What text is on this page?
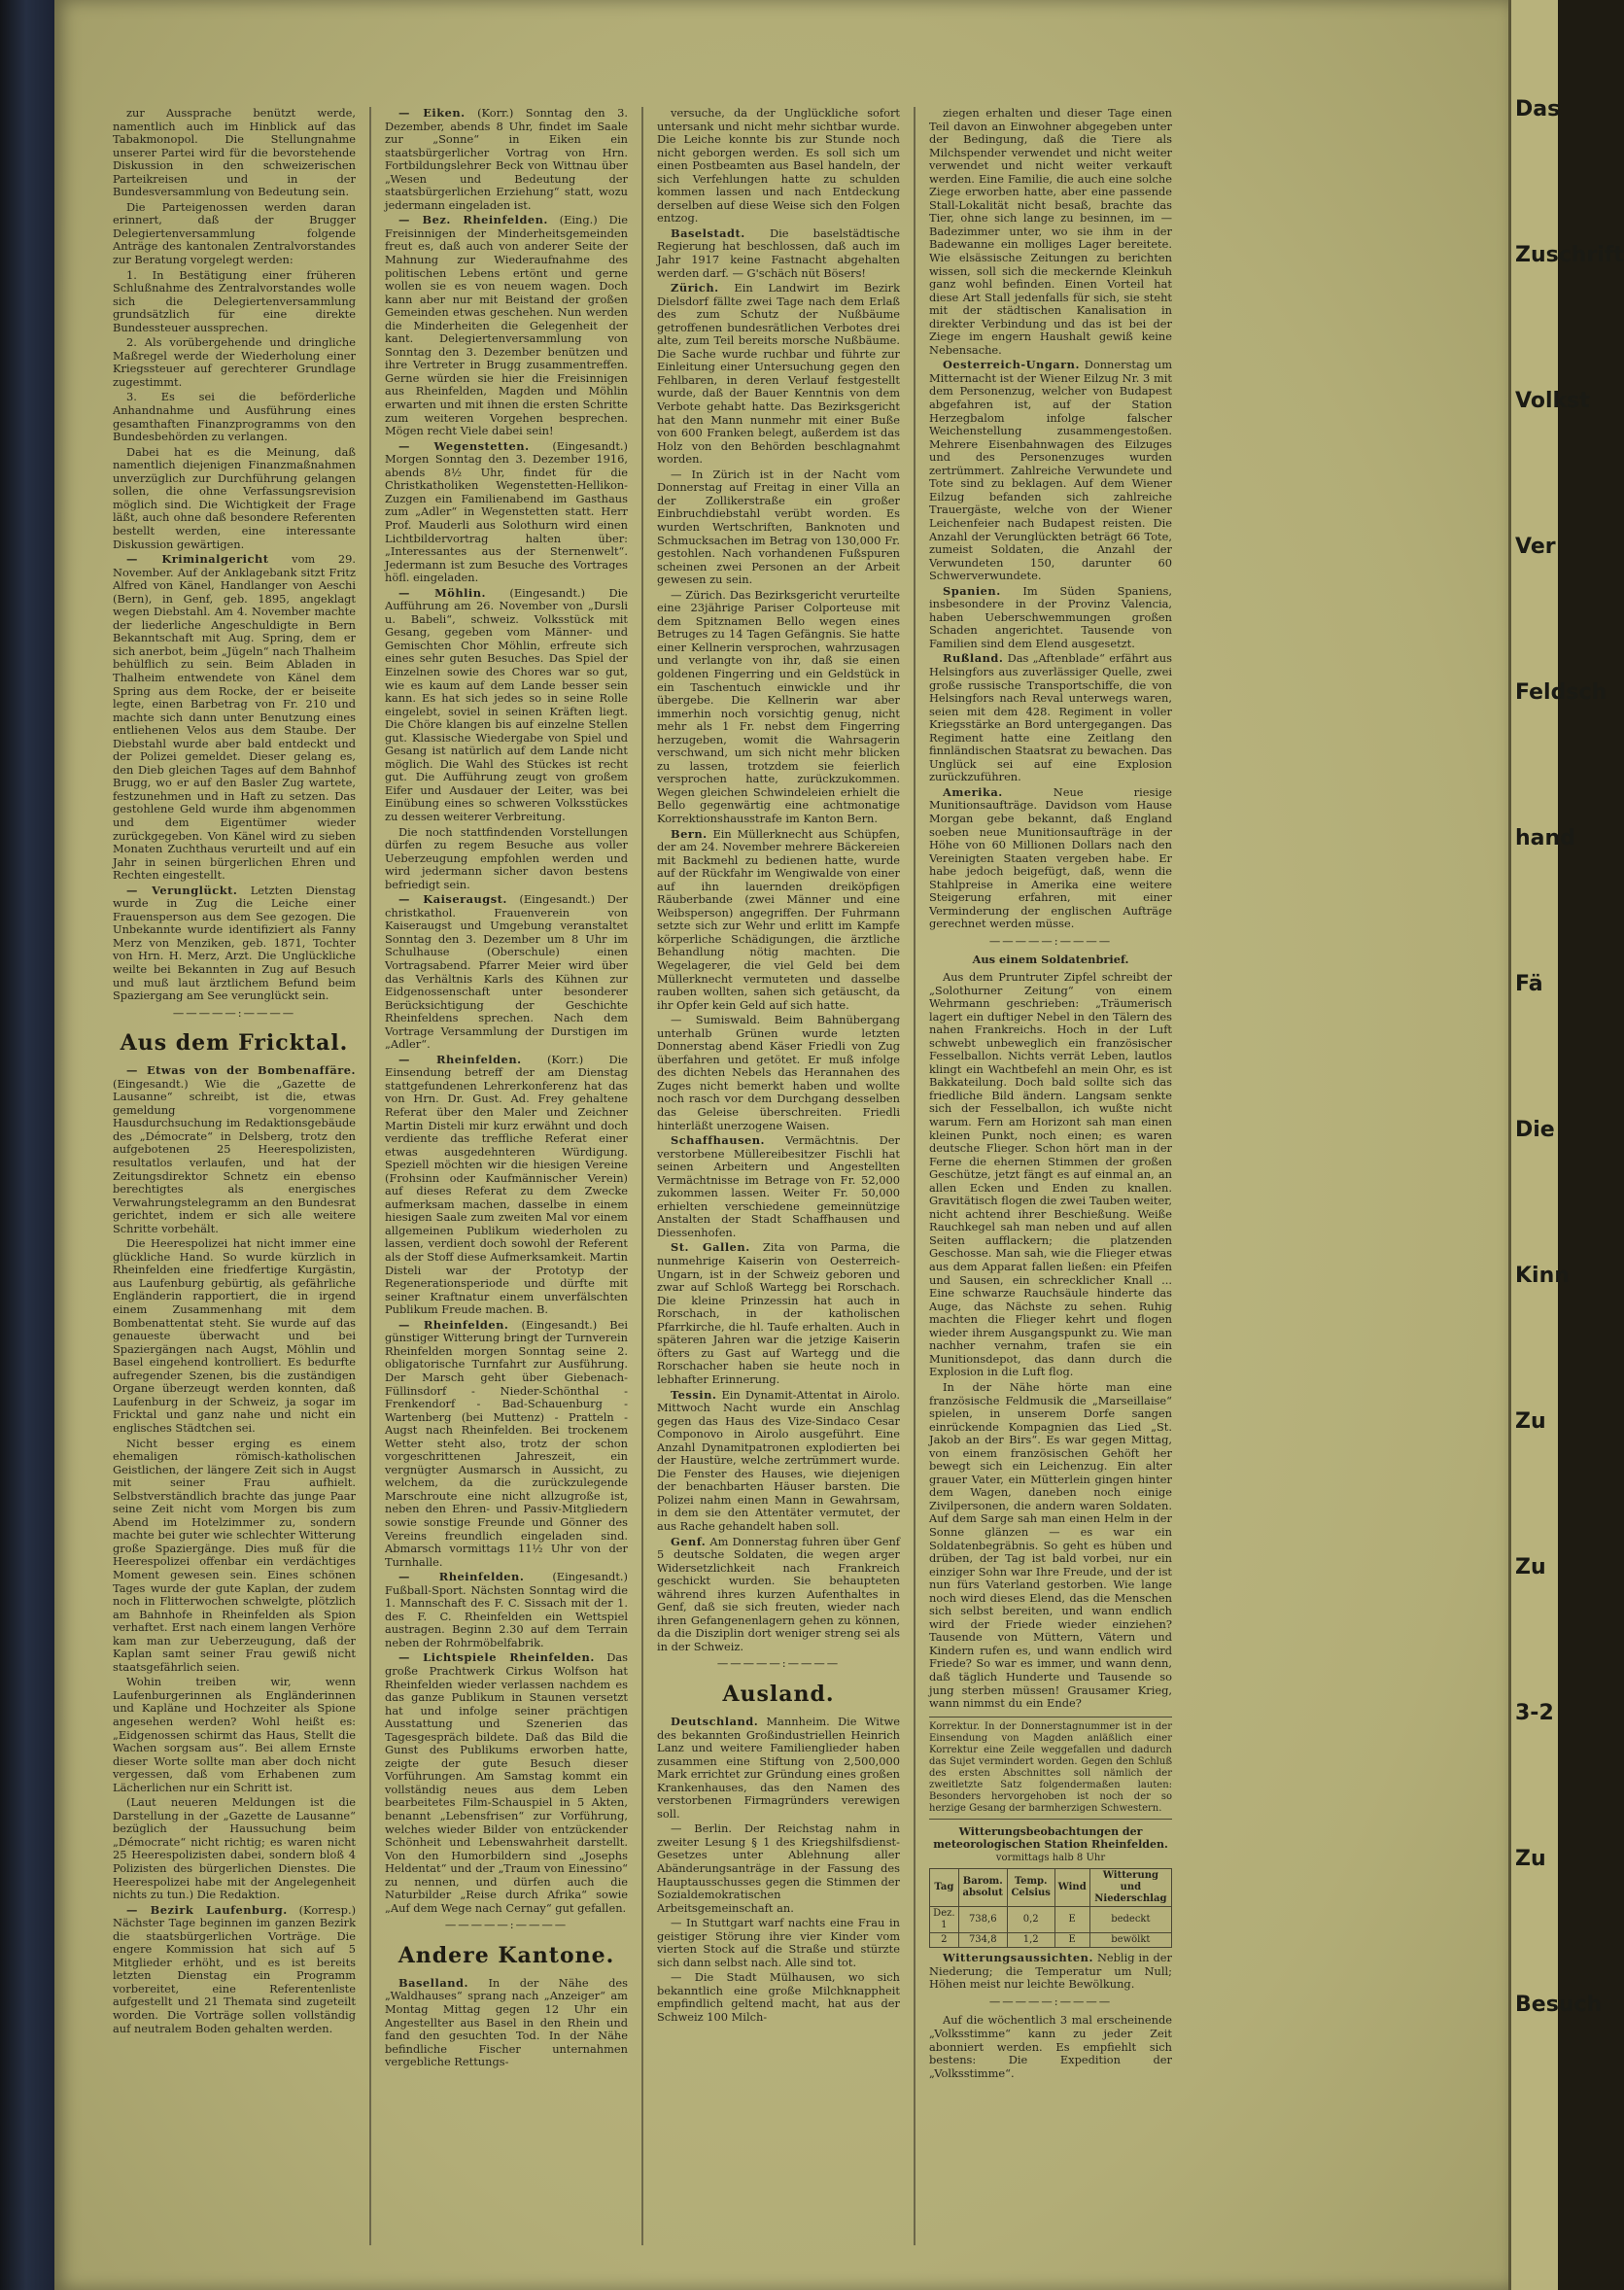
zur Aussprache benützt werde, namentlich auch im Hinblick auf das Tabakmonopol. Die Stellungnahme unserer Partei wird für die bevorstehende Diskussion in den schweizerischen Parteikreisen und in der Bundesversammlung von Bedeutung sein.

Die Parteigenossen werden daran erinnert, daß der Brugger Delegiertenversammlung folgende Anträge des kantonalen Zentralvorstandes zur Beratung vorgelegt werden:

1. In Bestätigung einer früheren Schlußnahme des Zentralvorstandes wolle sich die Delegiertenversammlung grundsätzlich für eine direkte Bundessteuer aussprechen.

2. Als vorübergehende und dringliche Maßregel werde der Wiederholung einer Kriegssteuer auf gerechterer Grundlage zugestimmt.

3. Es sei die beförderliche Anhandnahme und Ausführung eines gesamthaften Finanzprogramms von den Bundesbehörden zu verlangen.

Dabei hat es die Meinung, daß namentlich diejenigen Finanzmaßnahmen unverzüglich zur Durchführung gelangen sollen, die ohne Verfassungsrevision möglich sind. Die Wichtigkeit der Frage läßt, auch ohne daß besondere Referenten bestellt werden, eine interessante Diskussion gewärtigen.

— Kriminalgericht vom 29. November. Auf der Anklagebank sitzt Fritz Alfred von Känel, Handlanger von Aeschi (Bern), in Genf, geb. 1895, angeklagt wegen Diebstahl. Am 4. November machte der liederliche Angeschuldigte in Bern Bekanntschaft mit Aug. Spring, dem er sich anerbot, beim „Jügeln“ nach Thalheim behülflich zu sein. Beim Abladen in Thalheim entwendete von Känel dem Spring aus dem Rocke, der er beiseite legte, einen Barbetrag von Fr. 210 und machte sich dann unter Benutzung eines entliehenen Velos aus dem Staube. Der Diebstahl wurde aber bald entdeckt und der Polizei gemeldet. Dieser gelang es, den Dieb gleichen Tages auf dem Bahnhof Brugg, wo er auf den Basler Zug wartete, festzunehmen und in Haft zu setzen. Das gestohlene Geld wurde ihm abgenommen und dem Eigentümer wieder zurückgegeben. Von Känel wird zu sieben Monaten Zuchthaus verurteilt und auf ein Jahr in seinen bürgerlichen Ehren und Rechten eingestellt.

— Verunglückt. Letzten Dienstag wurde in Zug die Leiche einer Frauensperson aus dem See gezogen. Die Unbekannte wurde identifiziert als Fanny Merz von Menziken, geb. 1871, Tochter von Hrn. H. Merz, Arzt. Die Unglückliche weilte bei Bekannten in Zug auf Besuch und muß laut ärztlichem Befund beim Spaziergang am See verunglückt sein.

—————:————
Aus dem Fricktal.

— Etwas von der Bombenaffäre. (Eingesandt.) Wie die „Gazette de Lausanne“ schreibt, ist die, etwas gemeldung vorgenommene Hausdurchsuchung im Redaktionsgebäude des „Démocrate“ in Delsberg, trotz den aufgebotenen 25 Heerespolizisten, resultatlos verlaufen, und hat der Zeitungsdirektor Schnetz ein ebenso berechtigtes als energisches Verwahrungstelegramm an den Bundesrat gerichtet, indem er sich alle weitere Schritte vorbehält.

Die Heerespolizei hat nicht immer eine glückliche Hand. So wurde kürzlich in Rheinfelden eine friedfertige Kurgästin, aus Laufenburg gebürtig, als gefährliche Engländerin rapportiert, die in irgend einem Zusammenhang mit dem Bombenattentat steht. Sie wurde auf das genaueste überwacht und bei Spaziergängen nach Augst, Möhlin und Basel eingehend kontrolliert. Es bedurfte aufregender Szenen, bis die zuständigen Organe überzeugt werden konnten, daß Laufenburg in der Schweiz, ja sogar im Fricktal und ganz nahe und nicht ein englisches Städtchen sei.

Nicht besser erging es einem ehemaligen römisch-katholischen Geistlichen, der längere Zeit sich in Augst mit seiner Frau aufhielt. Selbstverständlich brachte das junge Paar seine Zeit nicht vom Morgen bis zum Abend im Hotelzimmer zu, sondern machte bei guter wie schlechter Witterung große Spaziergänge. Dies muß für die Heerespolizei offenbar ein verdächtiges Moment gewesen sein. Eines schönen Tages wurde der gute Kaplan, der zudem noch in Flitterwochen schwelgte, plötzlich am Bahnhofe in Rheinfelden als Spion verhaftet. Erst nach einem langen Verhöre kam man zur Ueberzeugung, daß der Kaplan samt seiner Frau gewiß nicht staatsgefährlich seien.

Wohin treiben wir, wenn Laufenburgerinnen als Engländerinnen und Kapläne und Hochzeiter als Spione angesehen werden? Wohl heißt es: „Eidgenossen schirmt das Haus, Stellt die Wachen sorgsam aus“. Bei allem Ernste dieser Worte sollte man aber doch nicht vergessen, daß vom Erhabenen zum Lächerlichen nur ein Schritt ist.

(Laut neueren Meldungen ist die Darstellung in der „Gazette de Lausanne“ bezüglich der Haussuchung beim „Démocrate“ nicht richtig; es waren nicht 25 Heerespolizisten dabei, sondern bloß 4 Polizisten des bürgerlichen Dienstes. Die Heerespolizei habe mit der Angelegenheit nichts zu tun.) Die Redaktion.

— Bezirk Laufenburg. (Korresp.) Nächster Tage beginnen im ganzen Bezirk die staatsbürgerlichen Vorträge. Die engere Kommission hat sich auf 5 Mitglieder erhöht, und es ist bereits letzten Dienstag ein Programm vorbereitet, eine Referentenliste aufgestellt und 21 Themata sind zugeteilt worden. Die Vorträge sollen vollständig auf neutralem Boden gehalten werden.

— Eiken. (Korr.) Sonntag den 3. Dezember, abends 8 Uhr, findet im Saale zur „Sonne“ in Eiken ein staatsbürgerlicher Vortrag von Hrn. Fortbildungslehrer Beck von Wittnau über „Wesen und Bedeutung der staatsbürgerlichen Erziehung“ statt, wozu jedermann eingeladen ist.

— Bez. Rheinfelden. (Eing.) Die Freisinnigen der Minderheitsgemeinden freut es, daß auch von anderer Seite der Mahnung zur Wiederaufnahme des politischen Lebens ertönt und gerne wollen sie es von neuem wagen. Doch kann aber nur mit Beistand der großen Gemeinden etwas geschehen. Nun werden die Minderheiten die Gelegenheit der kant. Delegiertenversammlung von Sonntag den 3. Dezember benützen und ihre Vertreter in Brugg zusammentreffen. Gerne würden sie hier die Freisinnigen aus Rheinfelden, Magden und Möhlin erwarten und mit ihnen die ersten Schritte zum weiteren Vorgehen besprechen. Mögen recht Viele dabei sein!

— Wegenstetten. (Eingesandt.) Morgen Sonntag den 3. Dezember 1916, abends 8½ Uhr, findet für die Christkatholiken Wegenstetten-Hellikon-Zuzgen ein Familienabend im Gasthaus zum „Adler“ in Wegenstetten statt. Herr Prof. Mauderli aus Solothurn wird einen Lichtbildervortrag halten über: „Interessantes aus der Sternenwelt“. Jedermann ist zum Besuche des Vortrages höfl. eingeladen.

— Möhlin. (Eingesandt.) Die Aufführung am 26. November von „Dursli u. Babeli“, schweiz. Volksstück mit Gesang, gegeben vom Männer- und Gemischten Chor Möhlin, erfreute sich eines sehr guten Besuches. Das Spiel der Einzelnen sowie des Chores war so gut, wie es kaum auf dem Lande besser sein kann. Es hat sich jedes so in seine Rolle eingelebt, soviel in seinen Kräften liegt. Die Chöre klangen bis auf einzelne Stellen gut. Klassische Wiedergabe von Spiel und Gesang ist natürlich auf dem Lande nicht möglich. Die Wahl des Stückes ist recht gut. Die Aufführung zeugt von großem Eifer und Ausdauer der Leiter, was bei Einübung eines so schweren Volksstückes zu dessen weiterer Verbreitung.

Die noch stattfindenden Vorstellungen dürfen zu regem Besuche aus voller Ueberzeugung empfohlen werden und wird jedermann sicher davon bestens befriedigt sein.

— Kaiseraugst. (Eingesandt.) Der christkathol. Frauenverein von Kaiseraugst und Umgebung veranstaltet Sonntag den 3. Dezember um 8 Uhr im Schulhause (Oberschule) einen Vortragsabend. Pfarrer Meier wird über das Verhältnis Karls des Kühnen zur Eidgenossenschaft unter besonderer Berücksichtigung der Geschichte Rheinfeldens sprechen. Nach dem Vortrage Versammlung der Durstigen im „Adler“.

— Rheinfelden. (Korr.) Die Einsendung betreff der am Dienstag stattgefundenen Lehrerkonferenz hat das von Hrn. Dr. Gust. Ad. Frey gehaltene Referat über den Maler und Zeichner Martin Disteli mir kurz erwähnt und doch verdiente das treffliche Referat einer etwas ausgedehnteren Würdigung. Speziell möchten wir die hiesigen Vereine (Frohsinn oder Kaufmännischer Verein) auf dieses Referat zu dem Zwecke aufmerksam machen, dasselbe in einem hiesigen Saale zum zweiten Mal vor einem allgemeinen Publikum wiederholen zu lassen, verdient doch sowohl der Referent als der Stoff diese Aufmerksamkeit. Martin Disteli war der Prototyp der Regenerationsperiode und dürfte mit seiner Kraftnatur einem unverfälschten Publikum Freude machen. B.

— Rheinfelden. (Eingesandt.) Bei günstiger Witterung bringt der Turnverein Rheinfelden morgen Sonntag seine 2. obligatorische Turnfahrt zur Ausführung. Der Marsch geht über Giebenach-Füllinsdorf - Nieder-Schönthal - Frenkendorf - Bad-Schauenburg - Wartenberg (bei Muttenz) - Pratteln - Augst nach Rheinfelden. Bei trockenem Wetter steht also, trotz der schon vorgeschrittenen Jahreszeit, ein vergnügter Ausmarsch in Aussicht, zu welchem, da die zurückzulegende Marschroute eine nicht allzugroße ist, neben den Ehren- und Passiv-Mitgliedern sowie sonstige Freunde und Gönner des Vereins freundlich eingeladen sind. Abmarsch vormittags 11½ Uhr von der Turnhalle.

— Rheinfelden.	(Eingesandt.) Fußball-Sport. Nächsten Sonntag wird die 1. Mannschaft des F. C. Sissach mit der 1. des F. C. Rheinfelden ein Wettspiel austragen. Beginn 2.30 auf dem Terrain neben der Rohrmöbelfabrik.

— Lichtspiele Rheinfelden. Das große Prachtwerk Cirkus Wolfson hat Rheinfelden wieder verlassen nachdem es das ganze Publikum in Staunen versetzt hat und infolge seiner prächtigen Ausstattung und Szenerien das Tagesgespräch bildete. Daß das Bild die Gunst des Publikums erworben hatte, zeigte der gute Besuch dieser Vorführungen. Am Samstag kommt ein vollständig neues aus dem Leben bearbeitetes Film-Schauspiel in 5 Akten, benannt „Lebensfrisen“ zur Vorführung, welches wieder Bilder von entzückender Schönheit und Lebenswahrheit darstellt. Von den Humorbildern sind „Josephs Heldentat“ und der „Traum von Einessino“ zu nennen, und dürfen auch die Naturbilder „Reise durch Afrika“ sowie „Auf dem Wege nach Cernay“ gut gefallen.

—————:————
Andere Kantone.

Baselland. In der Nähe des „Waldhauses“ sprang nach „Anzeiger“ am Montag Mittag gegen 12 Uhr ein Angestellter aus Basel in den Rhein und fand den gesuchten Tod. In der Nähe befindliche Fischer unternahmen vergebliche Rettungs-

versuche, da der Unglückliche sofort untersank und nicht mehr sichtbar wurde. Die Leiche konnte bis zur Stunde noch nicht geborgen werden. Es soll sich um einen Postbeamten aus Basel handeln, der sich Verfehlungen hatte zu schulden kommen lassen und nach Entdeckung derselben auf diese Weise sich den Folgen entzog.

Baselstadt. Die baselstädtische Regierung hat beschlossen, daß auch im Jahr 1917 keine Fastnacht abgehalten werden darf. — G'schäch nüt Bösers!

Zürich. Ein Landwirt im Bezirk Dielsdorf fällte zwei Tage nach dem Erlaß des zum Schutz der Nußbäume getroffenen bundesrätlichen Verbotes drei alte, zum Teil bereits morsche Nußbäume. Die Sache wurde ruchbar und führte zur Einleitung einer Untersuchung gegen den Fehlbaren, in deren Verlauf festgestellt wurde, daß der Bauer Kenntnis von dem Verbote gehabt hatte. Das Bezirksgericht hat den Mann nunmehr mit einer Buße von 600 Franken belegt, außerdem ist das Holz von den Behörden beschlagnahmt worden.

— In Zürich ist in der Nacht vom Donnerstag auf Freitag in einer Villa an der Zollikerstraße ein großer Einbruchdiebstahl verübt worden. Es wurden Wertschriften, Banknoten und Schmucksachen im Betrag von 130,000 Fr. gestohlen. Nach vorhandenen Fußspuren scheinen zwei Personen an der Arbeit gewesen zu sein.

— Zürich. Das Bezirksgericht verurteilte eine 23jährige Pariser Colporteuse mit dem Spitznamen Bello wegen eines Betruges zu 14 Tagen Gefängnis. Sie hatte einer Kellnerin versprochen, wahrzusagen und verlangte von ihr, daß sie einen goldenen Fingerring und ein Geldstück in ein Taschentuch einwickle und ihr übergebe. Die Kellnerin war aber immerhin noch vorsichtig genug, nicht mehr als 1 Fr. nebst dem Fingerring herzugeben, womit die Wahrsagerin verschwand, um sich nicht mehr blicken zu lassen, trotzdem sie feierlich versprochen hatte, zurückzukommen. Wegen gleichen Schwindeleien erhielt die Bello gegenwärtig eine achtmonatige Korrektionshausstrafe im Kanton Bern.

Bern. Ein Müllerknecht aus Schüpfen, der am 24. November mehrere Bäckereien mit Backmehl zu bedienen hatte, wurde auf der Rückfahr im Wengiwalde von einer auf ihn lauernden dreiköpfigen Räuberbande (zwei Männer und eine Weibsperson) angegriffen. Der Fuhrmann setzte sich zur Wehr und erlitt im Kampfe körperliche Schädigungen, die ärztliche Behandlung nötig machten. Die Wegelagerer, die viel Geld bei dem Müllerknecht vermuteten und dasselbe rauben wollten, sahen sich getäuscht, da ihr Opfer kein Geld auf sich hatte.

— Sumiswald. Beim Bahnübergang unterhalb Grünen wurde letzten Donnerstag abend Käser Friedli von Zug überfahren und getötet. Er muß infolge des dichten Nebels das Herannahen des Zuges nicht bemerkt haben und wollte noch rasch vor dem Durchgang desselben das Geleise überschreiten. Friedli hinterläßt unerzogene Waisen.

Schaffhausen. Vermächtnis. Der verstorbene Müllereibesitzer Fischli hat seinen Arbeitern und Angestellten Vermächtnisse im Betrage von Fr. 52,000 zukommen lassen. Weiter Fr. 50,000 erhielten verschiedene gemeinnützige Anstalten der Stadt Schaffhausen und Diessenhofen.

St. Gallen. Zita von Parma, die nunmehrige Kaiserin von Oesterreich-Ungarn, ist in der Schweiz geboren und zwar auf Schloß Wartegg bei Rorschach. Die kleine Prinzessin hat auch in Rorschach, in der katholischen Pfarrkirche, die hl. Taufe erhalten. Auch in späteren Jahren war die jetzige Kaiserin öfters zu Gast auf Wartegg und die Rorschacher haben sie heute noch in lebhafter Erinnerung.

Tessin. Ein Dynamit-Attentat in Airolo. Mittwoch Nacht wurde ein Anschlag gegen das Haus des Vize-Sindaco Cesar Componovo in Airolo ausgeführt. Eine Anzahl Dynamitpatronen explodierten bei der Haustüre, welche zertrümmert wurde. Die Fenster des Hauses, wie diejenigen der benachbarten Häuser barsten. Die Polizei nahm einen Mann in Gewahrsam, in dem sie den Attentäter vermutet, der aus Rache gehandelt haben soll.

Genf. Am Donnerstag fuhren über Genf 5 deutsche Soldaten, die wegen arger Widersetzlichkeit nach Frankreich geschickt wurden. Sie behaupteten während ihres kurzen Aufenthaltes in Genf, daß sie sich freuten, wieder nach ihren Gefangenenlagern gehen zu können, da die Disziplin dort weniger streng sei als in der Schweiz.

—————:————
Ausland.

Deutschland. Mannheim. Die Witwe des bekannten Großindustriellen Heinrich Lanz und weitere Familienglieder haben zusammen eine Stiftung von 2,500,000 Mark errichtet zur Gründung eines großen Krankenhauses, das den Namen des verstorbenen Firmagründers verewigen soll.

— Berlin. Der Reichstag nahm in zweiter Lesung § 1 des Kriegshilfsdienst-Gesetzes unter Ablehnung aller Abänderungsanträge in der Fassung des Hauptausschusses gegen die Stimmen der Sozialdemokratischen Arbeitsgemeinschaft an.

— In Stuttgart warf nachts eine Frau in geistiger Störung ihre vier Kinder vom vierten Stock auf die Straße und stürzte sich dann selbst nach. Alle sind tot.

— Die Stadt Mülhausen, wo sich bekanntlich eine große Milchknappheit empfindlich geltend macht, hat aus der Schweiz 100 Milch-

ziegen erhalten und dieser Tage einen Teil davon an Einwohner abgegeben unter der Bedingung, daß die Tiere als Milchspender verwendet und nicht weiter verwendet und nicht weiter verkauft werden. Eine Familie, die auch eine solche Ziege erworben hatte, aber eine passende Stall-Lokalität nicht besaß, brachte das Tier, ohne sich lange zu besinnen, im — Badezimmer unter, wo sie ihm in der Badewanne ein molliges Lager bereitete. Wie elsässische Zeitungen zu berichten wissen, soll sich die meckernde Kleinkuh ganz wohl befinden. Einen Vorteil hat diese Art Stall jedenfalls für sich, sie steht mit der städtischen Kanalisation in direkter Verbindung und das ist bei der Ziege im engern Haushalt gewiß keine Nebensache.

Oesterreich-Ungarn. Donnerstag um Mitternacht ist der Wiener Eilzug Nr. 3 mit dem Personenzug, welcher von Budapest abgefahren ist, auf der Station Herzegbalom infolge falscher Weichenstellung zusammengestoßen. Mehrere Eisenbahnwagen des Eilzuges und des Personenzuges wurden zertrümmert. Zahlreiche Verwundete und Tote sind zu beklagen. Auf dem Wiener Eilzug befanden sich zahlreiche Trauergäste, welche von der Wiener Leichenfeier nach Budapest reisten. Die Anzahl der Verunglückten beträgt 66 Tote, zumeist Soldaten, die Anzahl der Verwundeten 150, darunter 60 Schwerverwundete.

Spanien. Im Süden Spaniens, insbesondere in der Provinz Valencia, haben Ueberschwemmungen großen Schaden angerichtet. Tausende von Familien sind dem Elend ausgesetzt.

Rußland. Das „Aftenblade“ erfährt aus Helsingfors aus zuverlässiger Quelle, zwei große russische Transportschiffe, die von Helsingfors nach Reval unterwegs waren, seien mit dem 428. Regiment in voller Kriegsstärke an Bord untergegangen. Das Regiment hatte eine Zeitlang den finnländischen Staatsrat zu bewachen. Das Unglück sei auf eine Explosion zurückzuführen.

Amerika.	Neue riesige Munitionsaufträge. Davidson vom Hause Morgan gebe bekannt, daß England soeben neue Munitionsaufträge in der Höhe von 60 Millionen Dollars nach den Vereinigten Staaten vergeben habe. Er habe jedoch beigefügt, daß, wenn die Stahlpreise in Amerika eine weitere Steigerung erfahren, mit einer Verminderung der englischen Aufträge gerechnet werden müsse.

—————:————
Aus einem Soldatenbrief.

Aus dem Pruntruter Zipfel schreibt der „Solothurner Zeitung“ von einem Wehrmann geschrieben: „Träumerisch lagert ein duftiger Nebel in den Tälern des nahen Frankreichs. Hoch in der Luft schwebt unbeweglich ein französischer Fesselballon. Nichts verrät Leben, lautlos klingt ein Wachtbefehl an mein Ohr, es ist Bakkateilung. Doch bald sollte sich das friedliche Bild ändern. Langsam senkte sich der Fesselballon, ich wußte nicht warum. Fern am Horizont sah man einen kleinen Punkt, noch einen; es waren deutsche Flieger. Schon hört man in der Ferne die ehernen Stimmen der großen Geschütze, jetzt fängt es auf einmal an, an allen Ecken und Enden zu knallen. Gravitätisch flogen die zwei Tauben weiter, nicht achtend ihrer Beschießung. Weiße Rauchkegel sah man neben und auf allen Seiten aufflackern; die platzenden Geschosse. Man sah, wie die Flieger etwas aus dem Apparat fallen ließen: ein Pfeifen und Sausen, ein schrecklicher Knall ... Eine schwarze Rauchsäule hinderte das Auge, das Nächste zu sehen. Ruhig machten die Flieger kehrt und flogen wieder ihrem Ausgangspunkt zu. Wie man nachher vernahm, trafen sie ein Munitionsdepot, das dann durch die Explosion in die Luft flog.

In der Nähe hörte man eine französische Feldmusik die „Marseillaise“ spielen, in unserem Dorfe sangen einrückende Kompagnien das Lied „St. Jakob an der Birs“. Es war gegen Mittag, von einem französischen Gehöft her bewegt sich ein Leichenzug. Ein alter grauer Vater, ein Mütterlein gingen hinter dem Wagen, daneben noch einige Zivilpersonen, die andern waren Soldaten. Auf dem Sarge sah man einen Helm in der Sonne glänzen — es war ein Soldatenbegräbnis. So geht es hüben und drüben, der Tag ist bald vorbei, nur ein einziger Sohn war Ihre Freude, und der ist nun fürs Vaterland gestorben. Wie lange noch wird dieses Elend, das die Menschen sich selbst bereiten, und wann endlich wird der Friede wieder einziehen? Tausende von Müttern, Vätern und Kindern rufen es, und wann endlich wird Friede? So war es immer, und wann denn, daß täglich Hunderte und Tausende so jung sterben müssen! Grausamer Krieg, wann nimmst du ein Ende?

Korrektur. In der Donnerstagnummer ist in der Einsendung von Magden anläßlich einer Korrektur eine Zeile weggefallen und dadurch das Sujet vermindert worden. Gegen den Schluß des ersten Abschnittes soll nämlich der zweitletzte Satz folgendermaßen lauten: Besonders hervorgehoben ist noch der so herzige Gesang der barmherzigen Schwestern.
Witterungsbeobachtungen der meteorologischen Station Rheinfelden.
vormittags halb 8 Uhr
Tag	Barom. absolut	Temp. Celsius	Wind	Witterung und Niederschlag
Dez. 1	738,6	0,2	E	bedeckt
2	734,8	1,2	E	bewölkt

Witterungsaussichten. Neblig in der Niederung; die Temperatur um Null; Höhen meist nur leichte Bewölkung.

—————:————

Auf die wöchentlich 3 mal erscheinende „Volksstimme“ kann zu jeder Zeit abonniert werden. Es empfiehlt sich bestens: Die Expedition der „Volksstimme“.

Das
Zuschrift
Volkst
Ver
Feldsch
hand
Fä
Die
Kinn
Zu
Zu
3-2
Zu
Besuch
